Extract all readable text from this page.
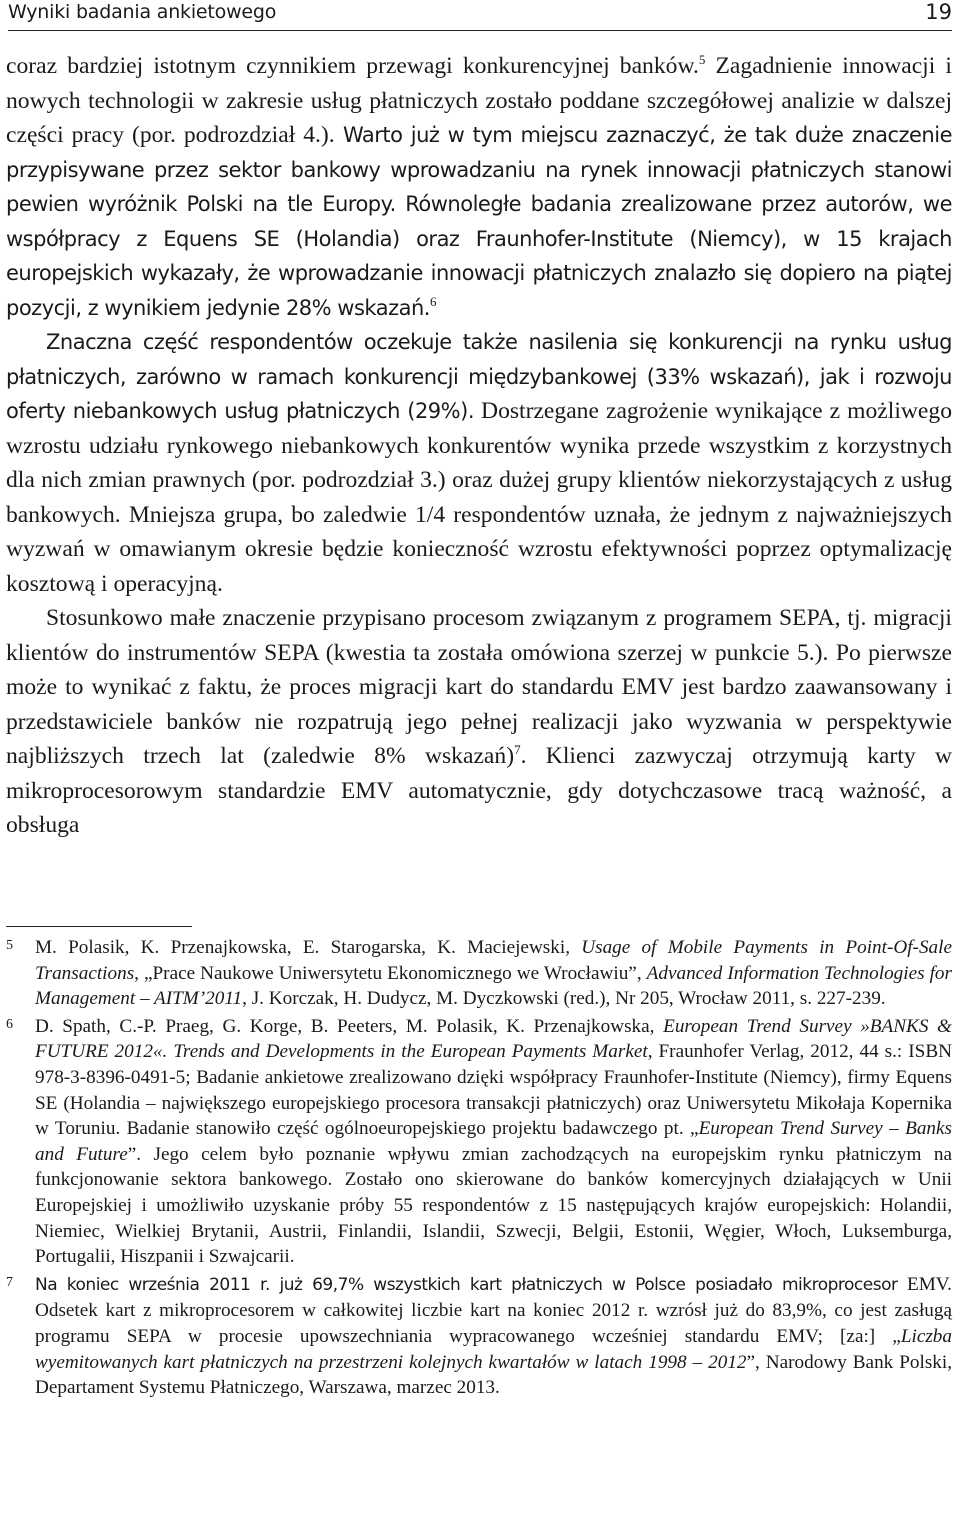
Wyniki badania ankietowego	19

coraz bardziej istotnym czynnikiem przewagi konkurencyjnej banków.$^5$ Zagadnienie innowacji i nowych technologii w zakresie usług płatniczych zostało poddane szczegółowej analizie w dalszej części pracy (por. podrozdział 4.). Warto już w tym miejscu zaznaczyć, że tak duże znaczenie przypisywane przez sektor bankowy wprowadzaniu na rynek innowacji płatniczych stanowi pewien wyróżnik Polski na tle Europy. Równoległe badania zrealizowane przez autorów, we współpracy z Equens SE (Holandia) oraz Fraunhofer-Institute (Niemcy), w 15 krajach europejskich wykazały, że wprowadzanie innowacji płatniczych znalazło się dopiero na piątej pozycji, z wynikiem jedynie 28% wskazań.$^6$

Znaczna część respondentów oczekuje także nasilenia się konkurencji na rynku usług płatniczych, zarówno w ramach konkurencji międzybankowej (33% wskazań), jak i rozwoju oferty niebankowych usług płatniczych (29%). Dostrzegane zagrożenie wynikające z możliwego wzrostu udziału rynkowego niebankowych konkurentów wynika przede wszystkim z korzystnych dla nich zmian prawnych (por. podrozdział 3.) oraz dużej grupy klientów niekorzystających z usług bankowych. Mniejsza grupa, bo zaledwie 1/4 respondentów uznała, że jednym z najważniejszych wyzwań w omawianym okresie będzie konieczność wzrostu efektywności poprzez optymalizację kosztową i operacyjną.

Stosunkowo małe znaczenie przypisano procesom związanym z programem SEPA, tj. migracji klientów do instrumentów SEPA (kwestia ta została omówiona szerzej w punkcie 5.). Po pierwsze może to wynikać z faktu, że proces migracji kart do standardu EMV jest bardzo zaawansowany i przedstawiciele banków nie rozpatrują jego pełnej realizacji jako wyzwania w perspektywie najbliższych trzech lat (zaledwie 8% wskazań)$^7$. Klienci zazwyczaj otrzymują karty w mikroprocesorowym standardzie EMV automatycznie, gdy dotychczasowe tracą ważność, a obsługa

5 M. Polasik, K. Przenajkowska, E. Starogarska, K. Maciejewski, Usage of Mobile Payments in Point-Of-Sale Transactions, „Prace Naukowe Uniwersytetu Ekonomicznego we Wrocławiu”, Advanced Information Technologies for Management – AITM’2011, J. Korczak, H. Dudycz, M. Dyczkowski (red.), Nr 205, Wrocław 2011, s. 227-239.

6 D. Spath, C.-P. Praeg, G. Korge, B. Peeters, M. Polasik, K. Przenajkowska, European Trend Survey »BANKS & FUTURE 2012«. Trends and Developments in the European Payments Market, Fraunhofer Verlag, 2012, 44 s.: ISBN 978-3-8396-0491-5; Badanie ankietowe zrealizowano dzięki współpracy Fraunhofer-Institute (Niemcy), firmy Equens SE (Holandia – największego europejskiego procesora transakcji płatniczych) oraz Uniwersytetu Mikołaja Kopernika w Toruniu. Badanie stanowiło część ogólnoeuropejskiego projektu badawczego pt. „European Trend Survey – Banks and Future”. Jego celem było poznanie wpływu zmian zachodzących na europejskim rynku płatniczym na funkcjonowanie sektora bankowego. Zostało ono skierowane do banków komercyjnych działających w Unii Europejskiej i umożliwiło uzyskanie próby 55 respondentów z 15 następujących krajów europejskich: Holandii, Niemiec, Wielkiej Brytanii, Austrii, Finlandii, Islandii, Szwecji, Belgii, Estonii, Węgier, Włoch, Luksemburga, Portugalii, Hiszpanii i Szwajcarii.

7 Na koniec września 2011 r. już 69,7% wszystkich kart płatniczych w Polsce posiadało mikroprocesor EMV. Odsetek kart z mikroprocesorem w całkowitej liczbie kart na koniec 2012 r. wzrósł już do 83,9%, co jest zasługą programu SEPA w procesie upowszechniania wypracowanego wcześniej standardu EMV; [za:] „Liczba wyemitowanych kart płatniczych na przestrzeni kolejnych kwartałów w latach 1998 – 2012”, Narodowy Bank Polski, Departament Systemu Płatniczego, Warszawa, marzec 2013.
